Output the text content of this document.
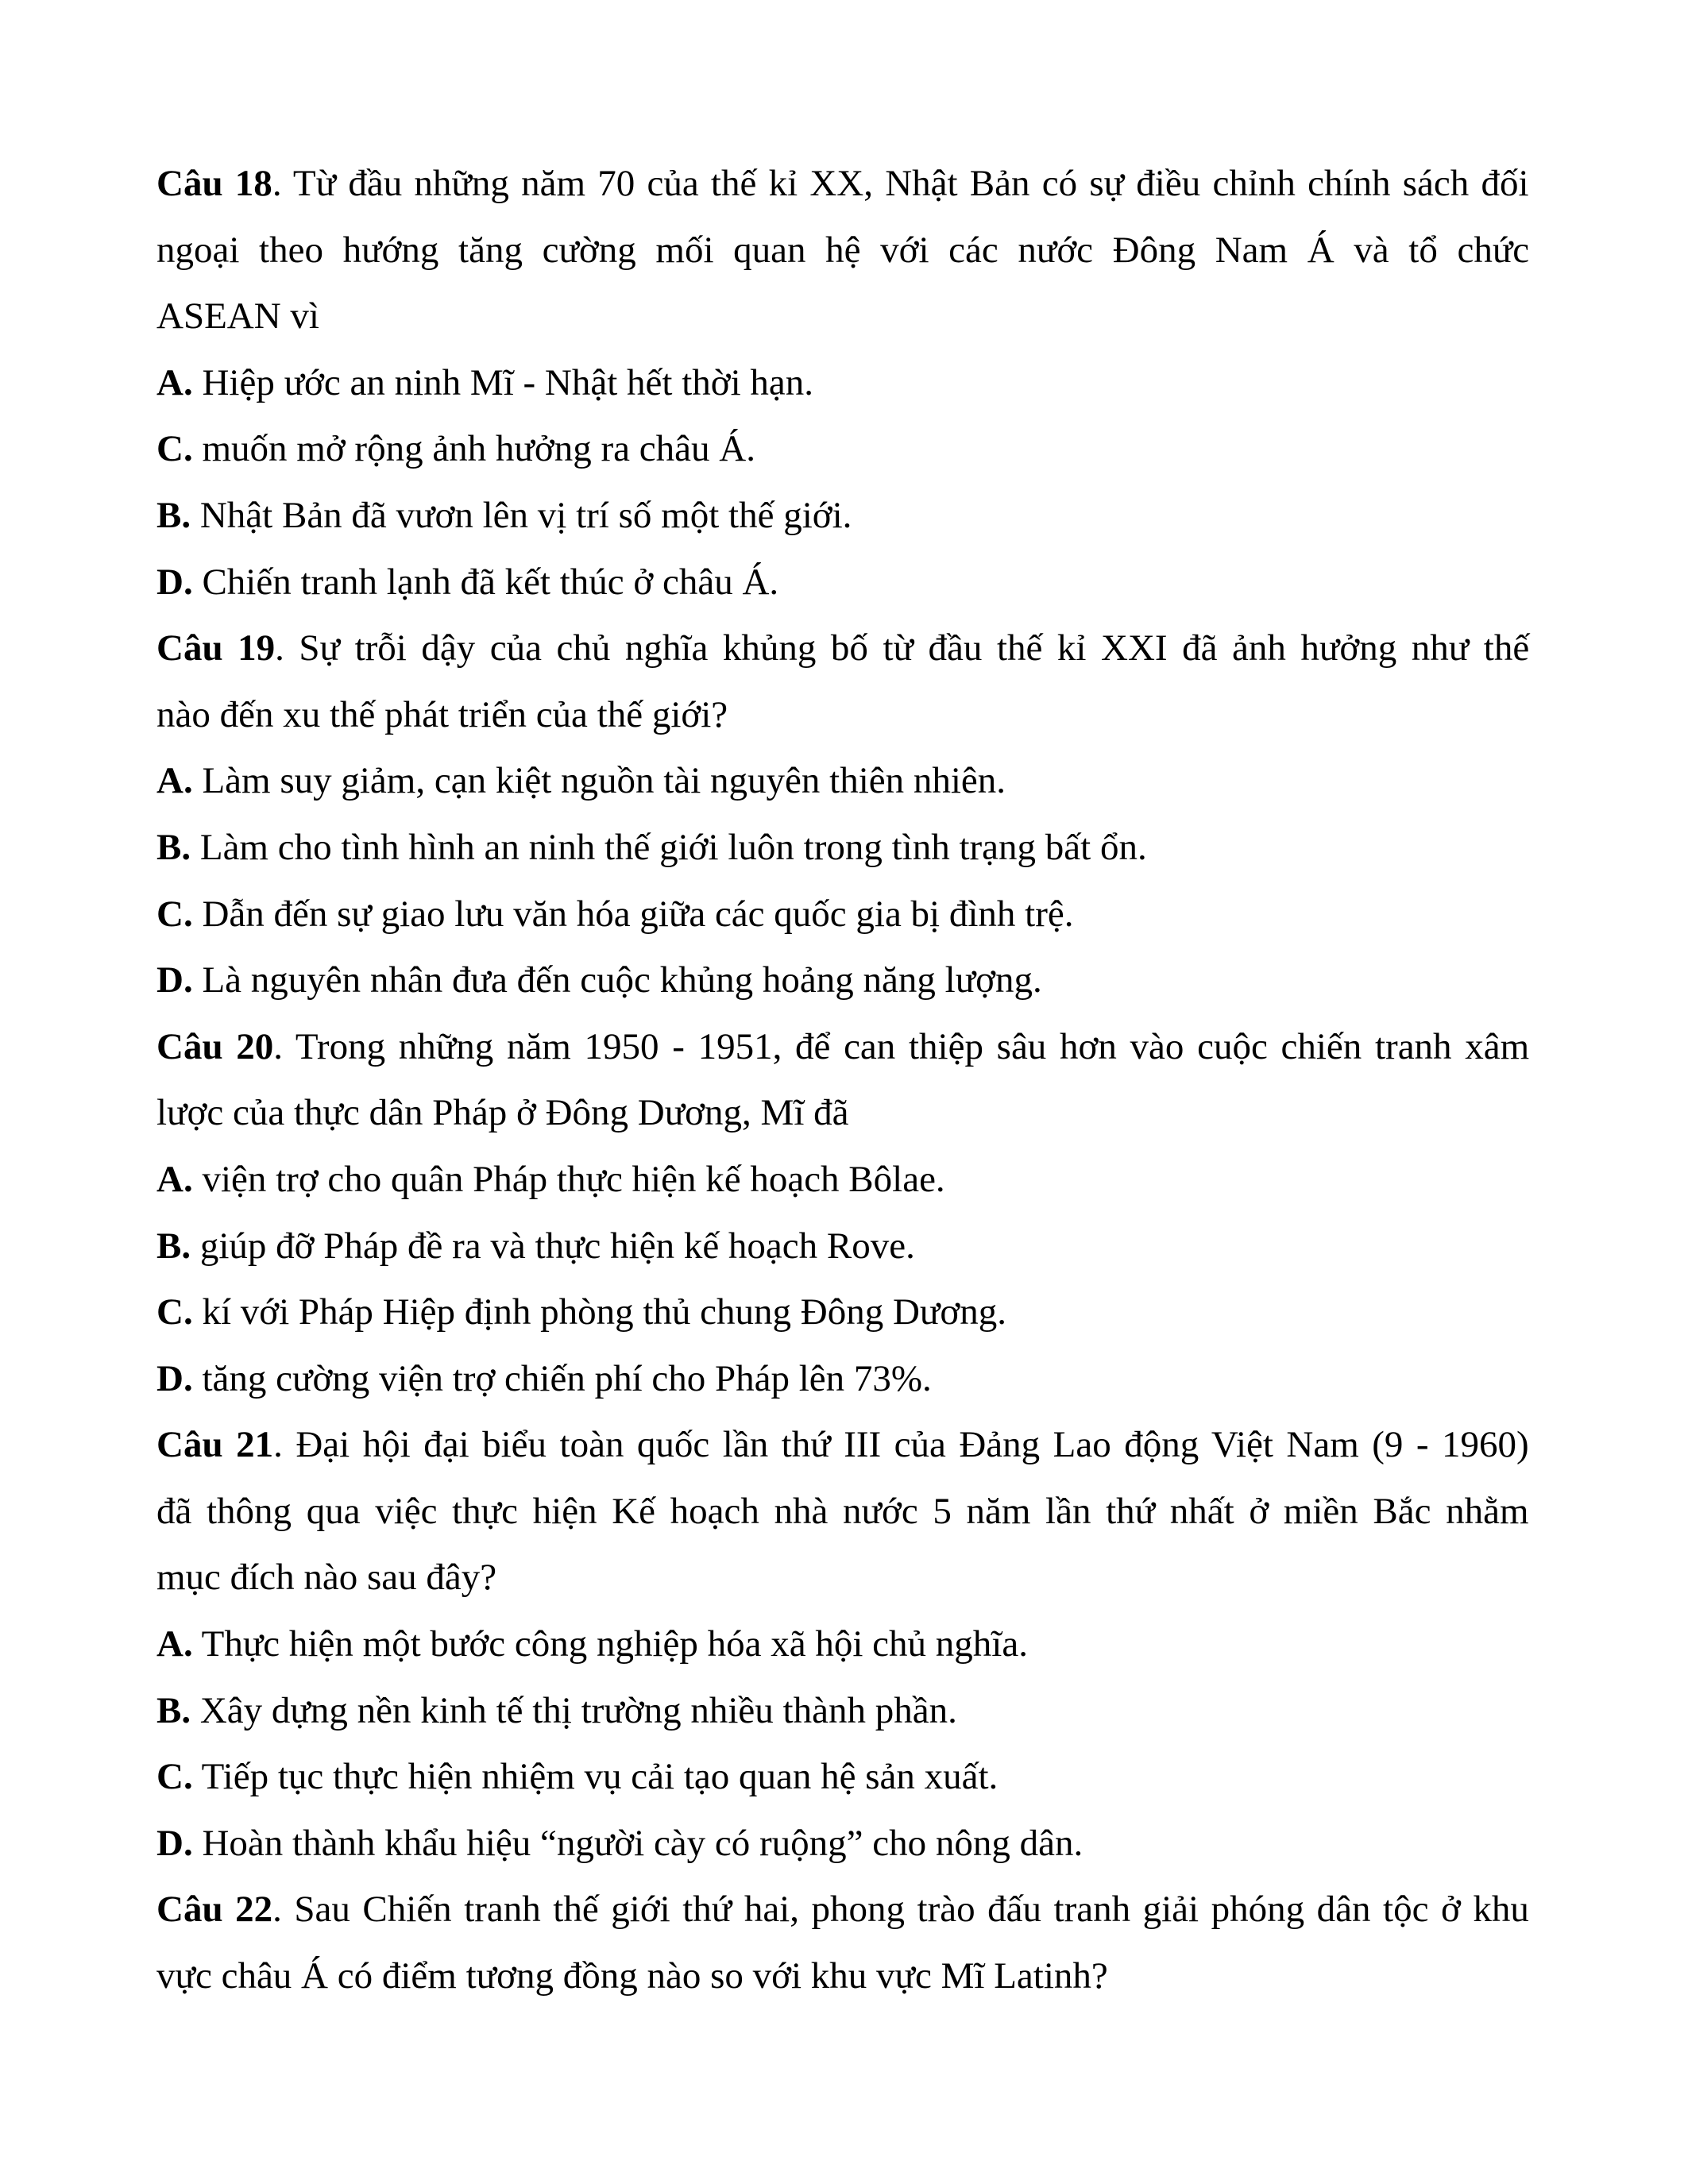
Câu 18. Từ đầu những năm 70 của thế kỉ XX, Nhật Bản có sự điều chỉnh chính sách đối
ngoại theo hướng tăng cường mối quan hệ với các nước Đông Nam Á và tổ chức
ASEAN vì
A. Hiệp ước an ninh Mĩ - Nhật hết thời hạn.
C. muốn mở rộng ảnh hưởng ra châu Á.
B. Nhật Bản đã vươn lên vị trí số một thế giới.
D. Chiến tranh lạnh đã kết thúc ở châu Á.
Câu 19. Sự trỗi dậy của chủ nghĩa khủng bố từ đầu thế kỉ XXI đã ảnh hưởng như thế
nào đến xu thế phát triển của thế giới?
A. Làm suy giảm, cạn kiệt nguồn tài nguyên thiên nhiên.
B. Làm cho tình hình an ninh thế giới luôn trong tình trạng bất ổn.
C. Dẫn đến sự giao lưu văn hóa giữa các quốc gia bị đình trệ.
D. Là nguyên nhân đưa đến cuộc khủng hoảng năng lượng.
Câu 20. Trong những năm 1950 - 1951, để can thiệp sâu hơn vào cuộc chiến tranh xâm
lược của thực dân Pháp ở Đông Dương, Mĩ đã
A. viện trợ cho quân Pháp thực hiện kế hoạch Bôlae.
B. giúp đỡ Pháp đề ra và thực hiện kế hoạch Rove.
C. kí với Pháp Hiệp định phòng thủ chung Đông Dương.
D. tăng cường viện trợ chiến phí cho Pháp lên 73%.
Câu 21. Đại hội đại biểu toàn quốc lần thứ III của Đảng Lao động Việt Nam (9 - 1960)
đã thông qua việc thực hiện Kế hoạch nhà nước 5 năm lần thứ nhất ở miền Bắc nhằm
mục đích nào sau đây?
A. Thực hiện một bước công nghiệp hóa xã hội chủ nghĩa.
B. Xây dựng nền kinh tế thị trường nhiều thành phần.
C. Tiếp tục thực hiện nhiệm vụ cải tạo quan hệ sản xuất.
D. Hoàn thành khẩu hiệu “người cày có ruộng” cho nông dân.
Câu 22. Sau Chiến tranh thế giới thứ hai, phong trào đấu tranh giải phóng dân tộc ở khu
vực châu Á có điểm tương đồng nào so với khu vực Mĩ Latinh?
